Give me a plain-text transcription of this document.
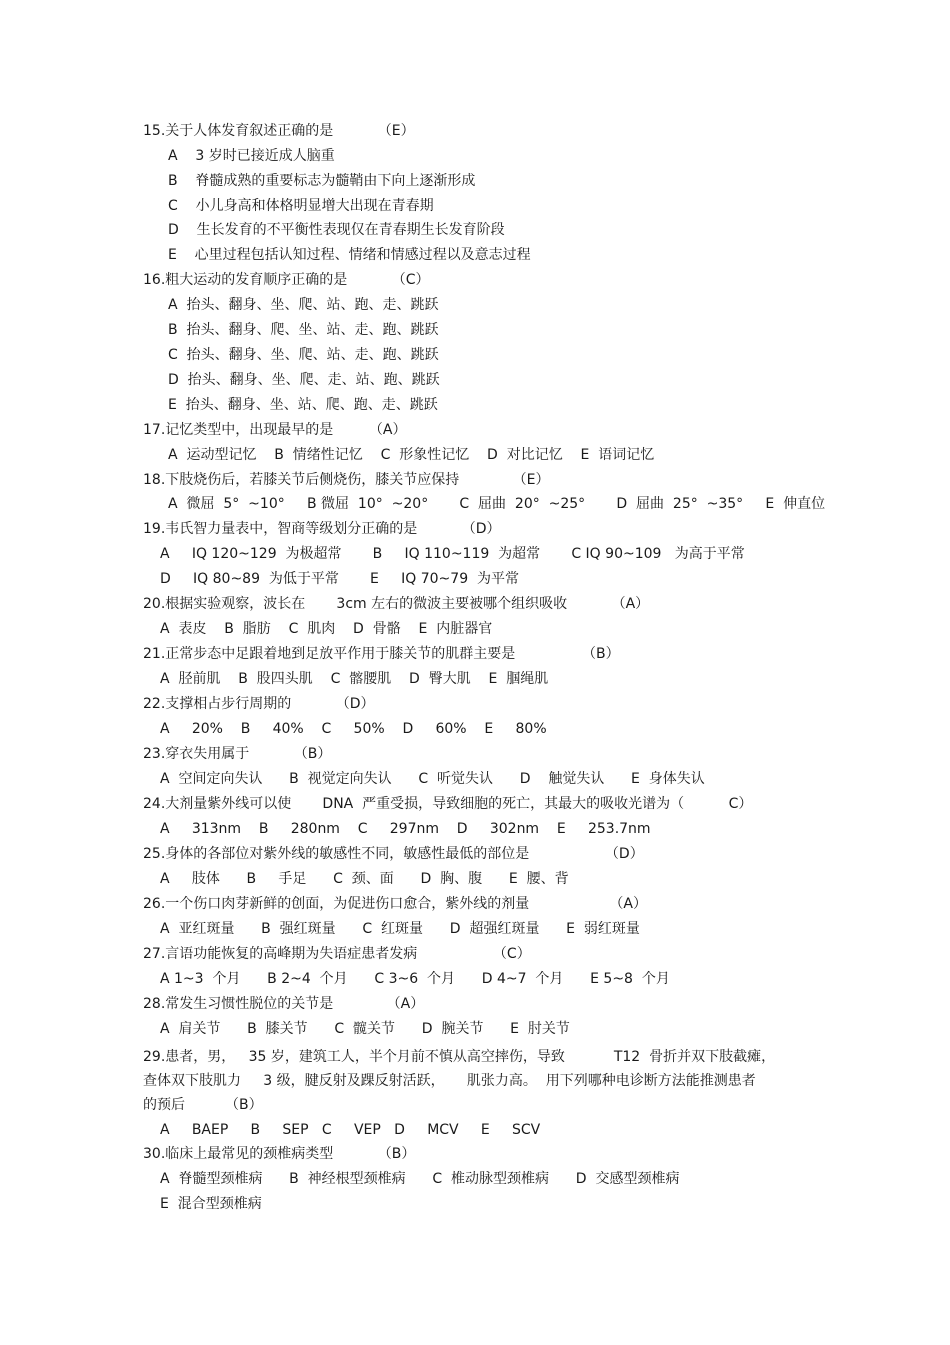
15.关于人体发育叙述正确的是          （E）

A    3 岁时已接近成人脑重

B    脊髓成熟的重要标志为髓鞘由下向上逐渐形成

C    小儿身高和体格明显增大出现在青春期

D    生长发育的不平衡性表现仅在青春期生长发育阶段

E    心里过程包括认知过程、情绪和情感过程以及意志过程

16.粗大运动的发育顺序正确的是          （C）

A  抬头、翻身、坐、爬、站、跑、走、跳跃

B  抬头、翻身、爬、坐、站、走、跑、跳跃

C  抬头、翻身、坐、爬、站、走、跑、跳跃

D  抬头、翻身、坐、爬、走、站、跑、跳跃

E  抬头、翻身、坐、站、爬、跑、走、跳跃

17.记忆类型中，出现最早的是        （A）

A  运动型记忆    B  情绪性记忆    C  形象性记忆    D  对比记忆    E  语词记忆

18.下肢烧伤后，若膝关节后侧烧伤，膝关节应保持            （E）

A  微屈  5°  ~10°     B 微屈  10°  ~20°       C  屈曲  20°  ~25°       D  屈曲  25°  ~35°     E  伸直位

19.韦氏智力量表中，智商等级划分正确的是          （D）

A     IQ 120~129  为极超常       B     IQ 110~119  为超常       C IQ 90~109   为高于平常

D     IQ 80~89  为低于平常       E     IQ 70~79  为平常

20.根据实验观察，波长在       3cm 左右的微波主要被哪个组织吸收          （A）

A  表皮    B  脂肪    C  肌肉    D  骨骼    E  内脏器官

21.正常步态中足跟着地到足放平作用于膝关节的肌群主要是               （B）

A  胫前肌    B  股四头肌    C  髂腰肌    D  臀大肌    E  腘绳肌

22.支撑相占步行周期的          （D）

A     20%    B     40%    C     50%    D     60%    E     80%

23.穿衣失用属于          （B）

A  空间定向失认      B  视觉定向失认      C  听觉失认      D    触觉失认      E  身体失认

24.大剂量紫外线可以使       DNA  严重受损，导致细胞的死亡，其最大的吸收光谱为（          C）

A     313nm    B     280nm    C     297nm    D     302nm    E     253.7nm

25.身体的各部位对紫外线的敏感性不同，敏感性最低的部位是                 （D）

A     肢体      B     手足      C  颈、面      D  胸、腹      E  腰、背

26.一个伤口肉芽新鲜的创面，为促进伤口愈合，紫外线的剂量                  （A）

A  亚红斑量      B  强红斑量      C  红斑量      D  超强红斑量      E  弱红斑量

27.言语功能恢复的高峰期为失语症患者发病                 （C）

A 1~3  个月      B 2~4  个月      C 3~6  个月      D 4~7  个月      E 5~8  个月

28.常发生习惯性脱位的关节是            （A）

A  肩关节      B  膝关节      C  髋关节      D  腕关节      E  肘关节

29.患者，男，   35 岁，建筑工人，半个月前不慎从高空摔伤，导致           T12  骨折并双下肢截瘫，
查体双下肢肌力     3 级，腱反射及踝反射活跃，     肌张力高。  用下列哪种电诊断方法能推测患者
的预后         （B）

A     BAEP     B     SEP   C     VEP   D     MCV     E     SCV

30.临床上最常见的颈椎病类型          （B）

A  脊髓型颈椎病      B  神经根型颈椎病      C  椎动脉型颈椎病      D  交感型颈椎病

E  混合型颈椎病
